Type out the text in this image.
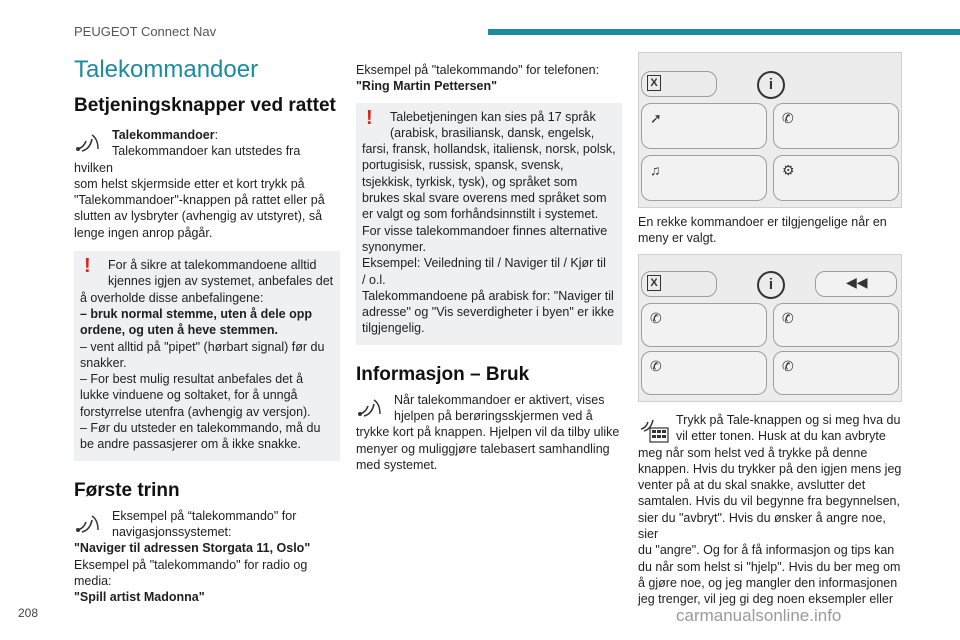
PEUGEOT Connect Nav
Talekommandoer
Betjeningsknapper ved rattet

Talekommandoer:

Talekommandoer kan utstedes fra hvilken

som helst skjermside etter et kort trykk på

"Talekommandoer"-knappen på rattet eller på

slutten av lysbryter (avhengig av utstyret), så

lenge ingen anrop pågår.

!	For å sikre at talekommandoene alltid

kjennes igjen av systemet, anbefales det

å overholde disse anbefalingene:

– bruk normal stemme, uten å dele opp

ordene, og uten å heve stemmen.

– vent alltid på "pipet" (hørbart signal) før du

snakker.

– For best mulig resultat anbefales det å

lukke vinduene og soltaket, for å unngå

forstyrrelse utenfra (avhengig av versjon).

– Før du utsteder en talekommando, må du

be andre passasjerer om å ikke snakke.

Første trinn

Eksempel på “talekommando" for

navigasjonssystemet:

"Naviger til adressen Storgata 11, Oslo"

Eksempel på "talekommando" for radio og

media:

"Spill artist Madonna"

Eksempel på "talekommando" for telefonen:

"Ring Martin Pettersen"

!	Talebetjeningen kan sies på 17 språk

(arabisk, brasiliansk, dansk, engelsk,

farsi, fransk, hollandsk, italiensk, norsk, polsk,

portugisisk, russisk, spansk, svensk,

tsjekkisk, tyrkisk, tysk), og språket som

brukes skal svare overens med språket som

er valgt og som forhåndsinnstilt i systemet.

For visse talekommandoer finnes alternative

synonymer.

Eksempel: Veiledning til / Naviger til / Kjør til

/ o.l.

Talekommandoene på arabisk for: "Naviger til

adresse" og "Vis severdigheter i byen" er ikke

tilgjengelig.

Informasjon – Bruk

Når talekommandoer er aktivert, vises

hjelpen på berøringsskjermen ved å

trykke kort på knappen. Hjelpen vil da tilby ulike

menyer og muliggjøre talebasert samhandling

med systemet.

X	i
➚	✆
♫	⚙

En rekke kommandoer er tilgjengelige når en

meny er valgt.

X	i	◀◀
✆	✆
✆	✆

Trykk på Tale-knappen og si meg hva du

vil etter tonen. Husk at du kan avbryte

meg når som helst ved å trykke på denne

knappen. Hvis du trykker på den igjen mens jeg

venter på at du skal snakke, avslutter det

samtalen. Hvis du vil begynne fra begynnelsen,

sier du "avbryt". Hvis du ønsker å angre noe, sier

du "angre". Og for å få informasjon og tips kan

du når som helst si "hjelp". Hvis du ber meg om

å gjøre noe, og jeg mangler den informasjonen

jeg trenger, vil jeg gi deg noen eksempler eller

208	carmanualsonline.info
